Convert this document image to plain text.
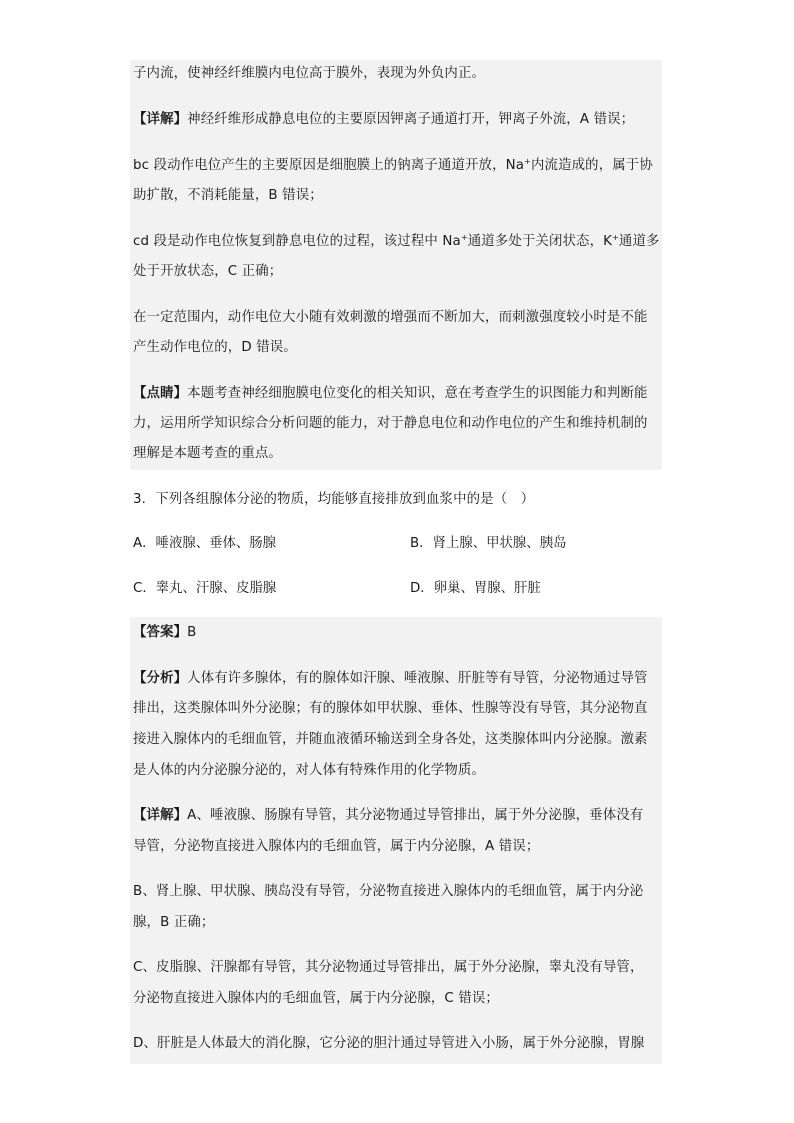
子内流，使神经纤维膜内电位高于膜外，表现为外负内正。
【详解】神经纤维形成静息电位的主要原因钾离子通道打开，钾离子外流，A 错误；
bc 段动作电位产生的主要原因是细胞膜上的钠离子通道开放，Na+内流造成的，属于协
助扩散，不消耗能量，B 错误；
cd 段是动作电位恢复到静息电位的过程，该过程中 Na+通道多处于关闭状态，K+通道多
处于开放状态，C 正确；
在一定范围内，动作电位大小随有效刺激的增强而不断加大，而刺激强度较小时是不能
产生动作电位的，D 错误。
【点睛】本题考查神经细胞膜电位变化的相关知识，意在考查学生的识图能力和判断能
力，运用所学知识综合分析问题的能力，对于静息电位和动作电位的产生和维持机制的
理解是本题考查的重点。
3．下列各组腺体分泌的物质，均能够直接排放到血浆中的是（　）
A．唾液腺、垂体、肠腺	B．肾上腺、甲状腺、胰岛
C．睾丸、汗腺、皮脂腺	D．卵巢、胃腺、肝脏
【答案】B
【分析】人体有许多腺体，有的腺体如汗腺、唾液腺、肝脏等有导管，分泌物通过导管
排出，这类腺体叫外分泌腺；有的腺体如甲状腺、垂体、性腺等没有导管，其分泌物直
接进入腺体内的毛细血管，并随血液循环输送到全身各处，这类腺体叫内分泌腺。激素
是人体的内分泌腺分泌的，对人体有特殊作用的化学物质。
【详解】A、唾液腺、肠腺有导管，其分泌物通过导管排出，属于外分泌腺，垂体没有
导管，分泌物直接进入腺体内的毛细血管，属于内分泌腺，A 错误；
B、肾上腺、甲状腺、胰岛没有导管，分泌物直接进入腺体内的毛细血管，属于内分泌
腺，B 正确；
C、皮脂腺、汗腺都有导管，其分泌物通过导管排出，属于外分泌腺，睾丸没有导管，
分泌物直接进入腺体内的毛细血管，属于内分泌腺，C 错误；
D、肝脏是人体最大的消化腺，它分泌的胆汁通过导管进入小肠，属于外分泌腺，胃腺
